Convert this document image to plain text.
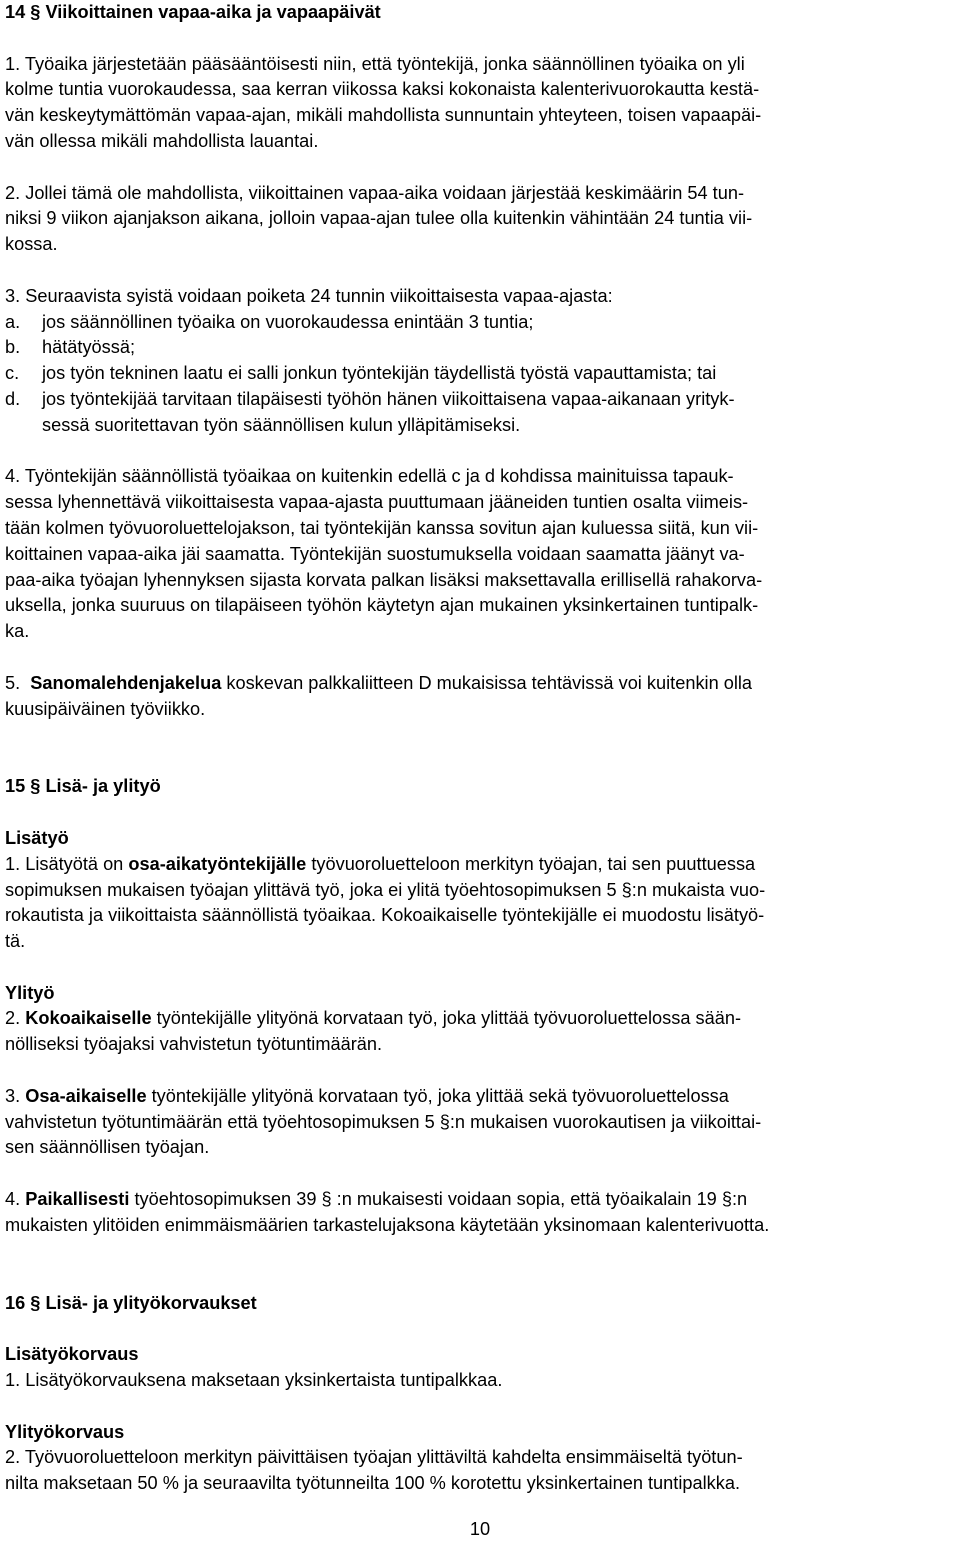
14 § Viikoittainen vapaa-aika ja vapaapäivät
1. Työaika järjestetään pääsääntöisesti niin, että työntekijä, jonka säännöllinen työaika on yli
kolme tuntia vuorokaudessa, saa kerran viikossa kaksi kokonaista kalenterivuorokautta kestä-
vän keskeytymättömän vapaa-ajan, mikäli mahdollista sunnuntain yhteyteen, toisen vapaapäi-
vän ollessa mikäli mahdollista lauantai.
2. Jollei tämä ole mahdollista, viikoittainen vapaa-aika voidaan järjestää keskimäärin 54 tun-
niksi 9 viikon ajanjakson aikana, jolloin vapaa-ajan tulee olla kuitenkin vähintään 24 tuntia vii-
kossa.
3. Seuraavista syistä voidaan poiketa 24 tunnin viikoittaisesta vapaa-ajasta:
a. jos säännöllinen työaika on vuorokaudessa enintään 3 tuntia;
b. hätätyössä;
c. jos työn tekninen laatu ei salli jonkun työntekijän täydellistä työstä vapauttamista; tai
d. jos työntekijää tarvitaan tilapäisesti työhön hänen viikoittaisena vapaa-aikanaan yrityk-
sessä suoritettavan työn säännöllisen kulun ylläpitämiseksi.
4. Työntekijän säännöllistä työaikaa on kuitenkin edellä c ja d kohdissa mainituissa tapauk-
sessa lyhennettävä viikoittaisesta vapaa-ajasta puuttumaan jääneiden tuntien osalta viimeis-
tään kolmen työvuoroluettelojakson, tai työntekijän kanssa sovitun ajan kuluessa siitä, kun vii-
koittainen vapaa-aika jäi saamatta. Työntekijän suostumuksella voidaan saamatta jäänyt va-
paa-aika työajan lyhennyksen sijasta korvata palkan lisäksi maksettavalla erillisellä rahakorva-
uksella, jonka suuruus on tilapäiseen työhön käytetyn ajan mukainen yksinkertainen tuntipalk-
ka.
5. Sanomalehdenjakelua koskevan palkkaliitteen D mukaisissa tehtävissä voi kuitenkin olla
kuusipäiväinen työviikko.
15 § Lisä- ja ylityö
Lisätyö
1. Lisätyötä on osa-aikatyöntekijälle työvuoroluetteloon merkityn työajan, tai sen puuttuessa
sopimuksen mukaisen työajan ylittävä työ, joka ei ylitä työehtosopimuksen 5 §:n mukaista vuo-
rokautista ja viikoittaista säännöllistä työaikaa. Kokoaikaiselle työntekijälle ei muodostu lisätyö-
tä.
Ylityö
2. Kokoaikaiselle työntekijälle ylityönä korvataan työ, joka ylittää työvuoroluettelossa sään-
nölliseksi työajaksi vahvistetun työtuntimäärän.
3. Osa-aikaiselle työntekijälle ylityönä korvataan työ, joka ylittää sekä työvuoroluettelossa
vahvistetun työtuntimäärän että työehtosopimuksen 5 §:n mukaisen vuorokautisen ja viikoittai-
sen säännöllisen työajan.
4. Paikallisesti työehtosopimuksen 39 § :n mukaisesti voidaan sopia, että työaikalain 19 §:n
mukaisten ylitöiden enimmäismäärien tarkastelujaksona käytetään yksinomaan kalenterivuotta.
16 § Lisä- ja ylityökorvaukset
Lisätyökorvaus
1. Lisätyökorvauksena maksetaan yksinkertaista tuntipalkkaa.
Ylityökorvaus
2. Työvuoroluetteloon merkityn päivittäisen työajan ylittäviltä kahdelta ensimmäiseltä työtun-
nilta maksetaan 50 % ja seuraavilta työtunneilta 100 % korotettu yksinkertainen tuntipalkka.
10
